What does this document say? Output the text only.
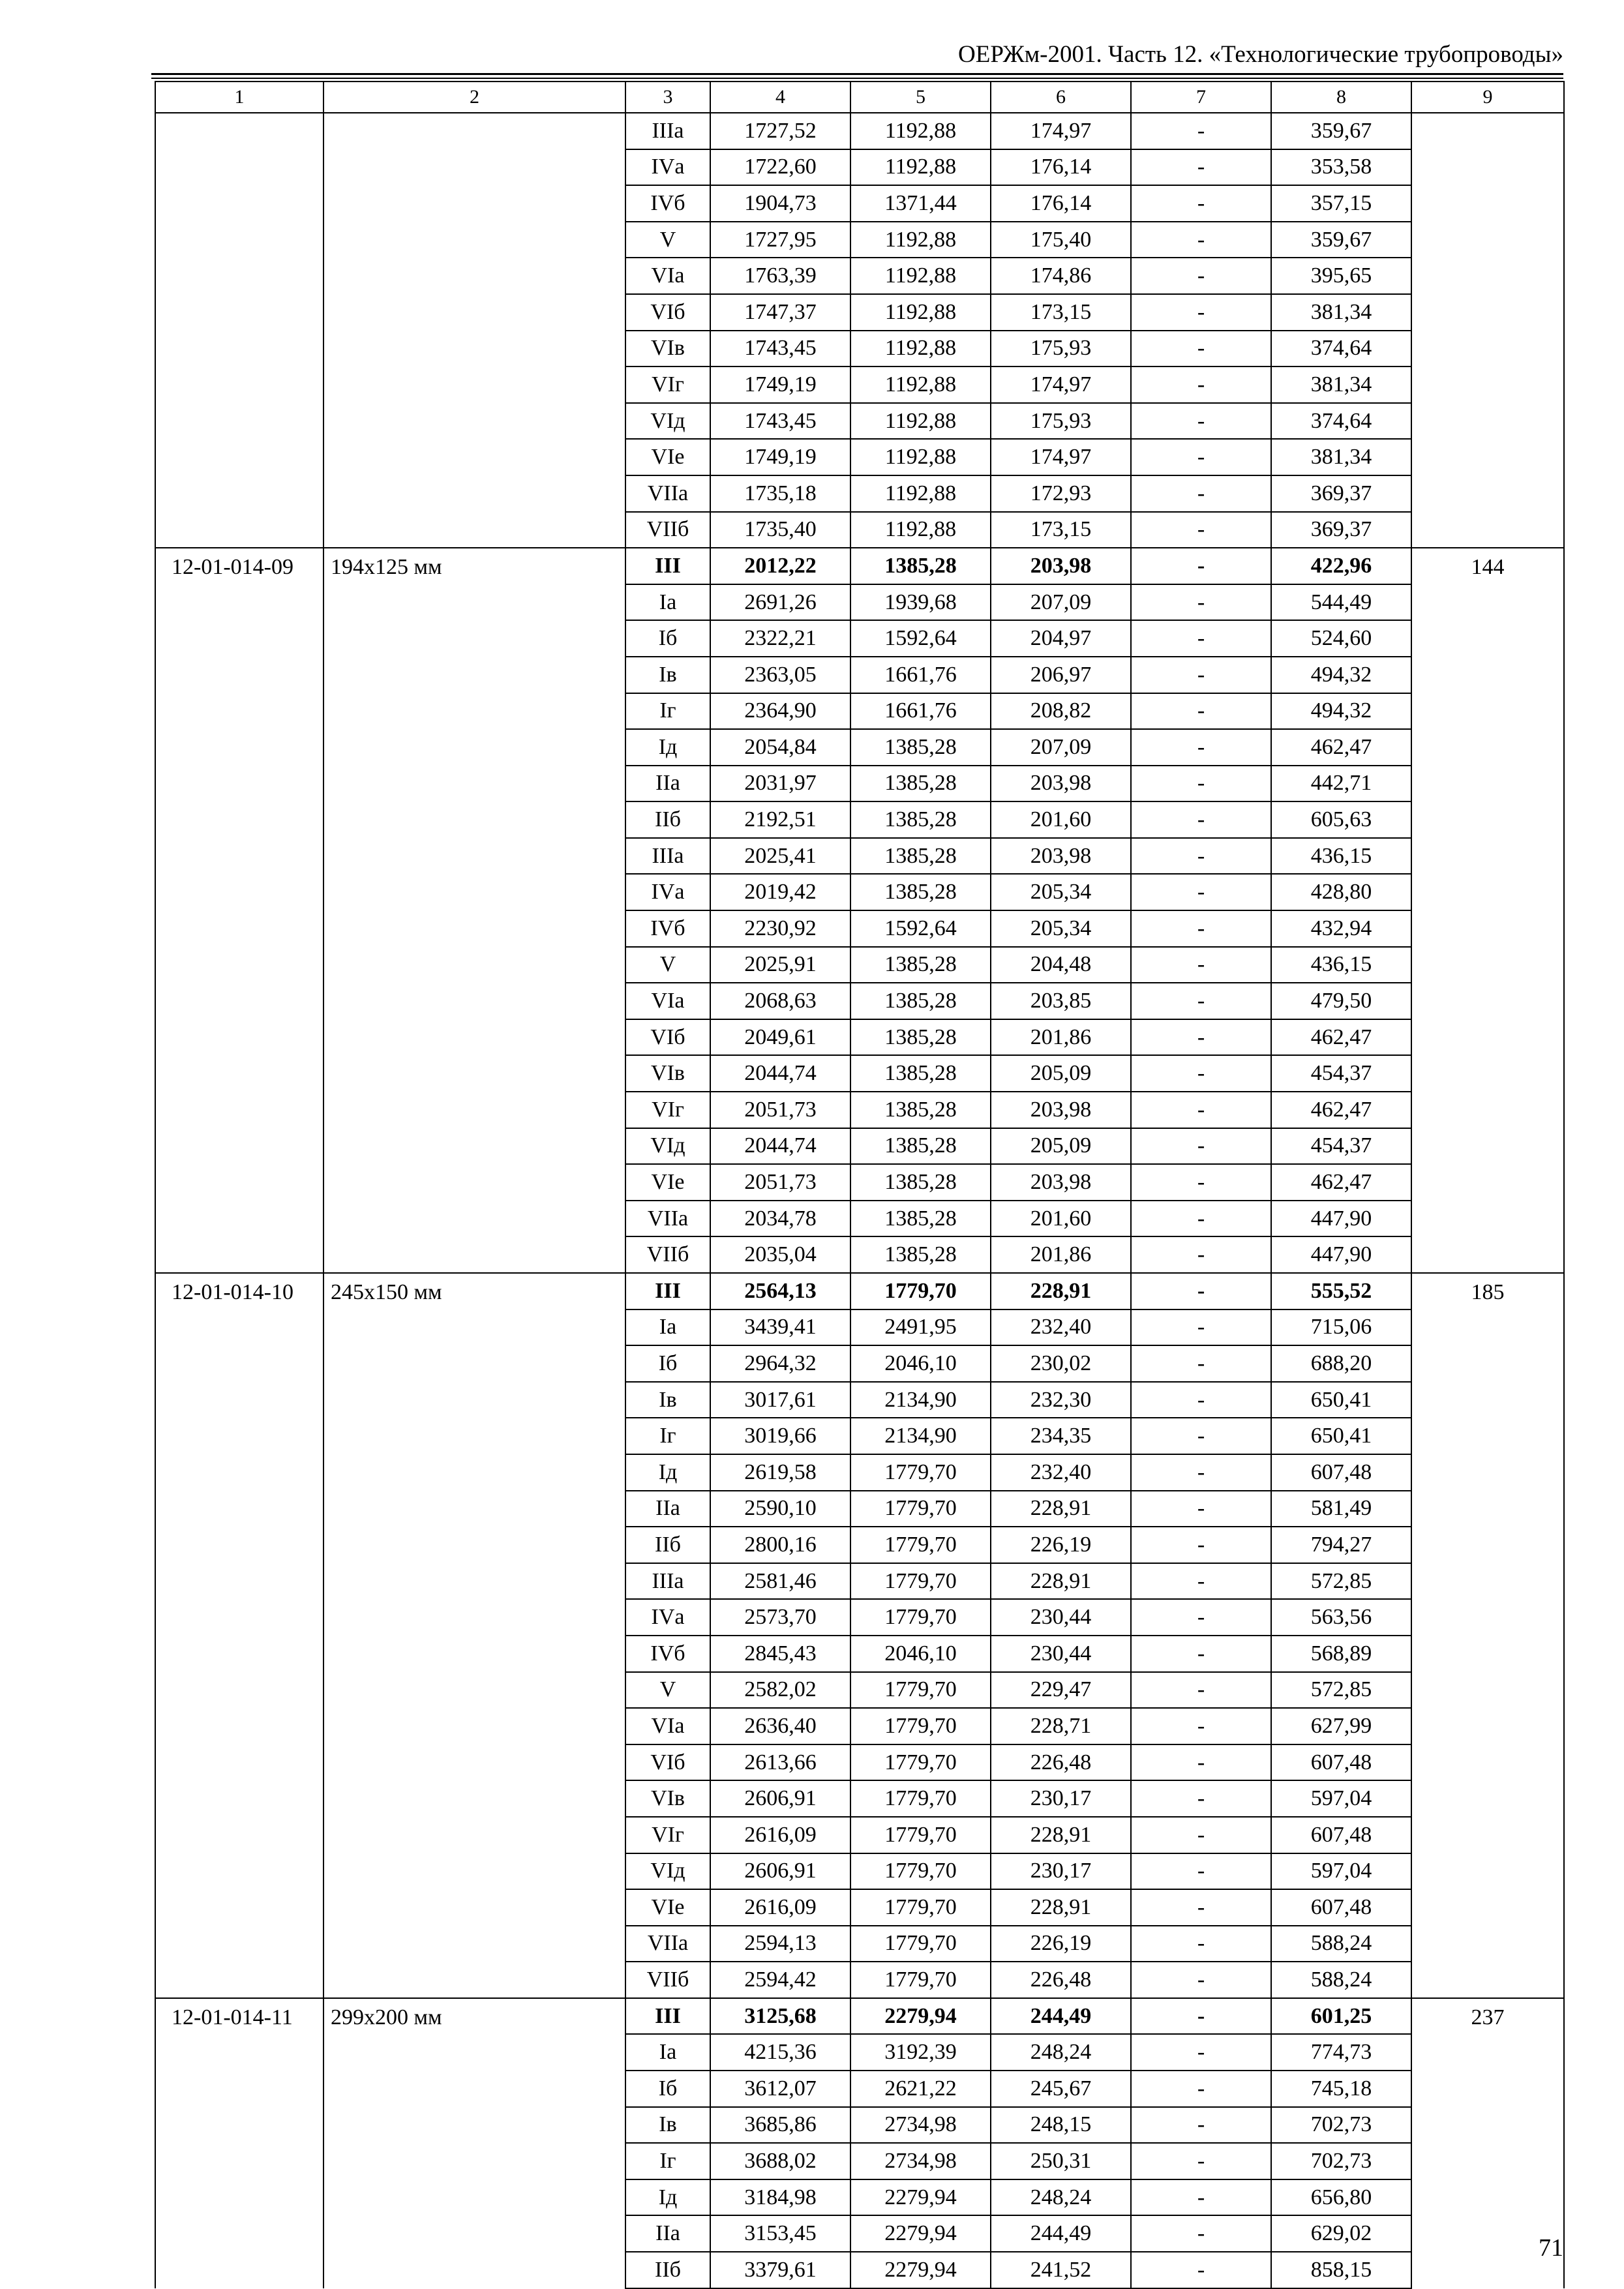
ОЕРЖм-2001. Часть 12. «Технологические трубопроводы»
1	2	3	4	5	6	7	8	9
		IIIа	1727,52	1192,88	174,97	-	359,67	
		IVа	1722,60	1192,88	176,14	-	353,58	
		IVб	1904,73	1371,44	176,14	-	357,15	
		V	1727,95	1192,88	175,40	-	359,67	
		VIа	1763,39	1192,88	174,86	-	395,65	
		VIб	1747,37	1192,88	173,15	-	381,34	
		VIв	1743,45	1192,88	175,93	-	374,64	
		VIг	1749,19	1192,88	174,97	-	381,34	
		VIд	1743,45	1192,88	175,93	-	374,64	
		VIе	1749,19	1192,88	174,97	-	381,34	
		VIIа	1735,18	1192,88	172,93	-	369,37	
		VIIб	1735,40	1192,88	173,15	-	369,37	
12-01-014-09	194х125 мм	III	2012,22	1385,28	203,98	-	422,96	144
		Iа	2691,26	1939,68	207,09	-	544,49	
		Iб	2322,21	1592,64	204,97	-	524,60	
		Iв	2363,05	1661,76	206,97	-	494,32	
		Iг	2364,90	1661,76	208,82	-	494,32	
		Iд	2054,84	1385,28	207,09	-	462,47	
		IIа	2031,97	1385,28	203,98	-	442,71	
		IIб	2192,51	1385,28	201,60	-	605,63	
		IIIа	2025,41	1385,28	203,98	-	436,15	
		IVа	2019,42	1385,28	205,34	-	428,80	
		IVб	2230,92	1592,64	205,34	-	432,94	
		V	2025,91	1385,28	204,48	-	436,15	
		VIа	2068,63	1385,28	203,85	-	479,50	
		VIб	2049,61	1385,28	201,86	-	462,47	
		VIв	2044,74	1385,28	205,09	-	454,37	
		VIг	2051,73	1385,28	203,98	-	462,47	
		VIд	2044,74	1385,28	205,09	-	454,37	
		VIе	2051,73	1385,28	203,98	-	462,47	
		VIIа	2034,78	1385,28	201,60	-	447,90	
		VIIб	2035,04	1385,28	201,86	-	447,90	
12-01-014-10	245х150 мм	III	2564,13	1779,70	228,91	-	555,52	185
		Iа	3439,41	2491,95	232,40	-	715,06	
		Iб	2964,32	2046,10	230,02	-	688,20	
		Iв	3017,61	2134,90	232,30	-	650,41	
		Iг	3019,66	2134,90	234,35	-	650,41	
		Iд	2619,58	1779,70	232,40	-	607,48	
		IIа	2590,10	1779,70	228,91	-	581,49	
		IIб	2800,16	1779,70	226,19	-	794,27	
		IIIа	2581,46	1779,70	228,91	-	572,85	
		IVа	2573,70	1779,70	230,44	-	563,56	
		IVб	2845,43	2046,10	230,44	-	568,89	
		V	2582,02	1779,70	229,47	-	572,85	
		VIа	2636,40	1779,70	228,71	-	627,99	
		VIб	2613,66	1779,70	226,48	-	607,48	
		VIв	2606,91	1779,70	230,17	-	597,04	
		VIг	2616,09	1779,70	228,91	-	607,48	
		VIд	2606,91	1779,70	230,17	-	597,04	
		VIе	2616,09	1779,70	228,91	-	607,48	
		VIIа	2594,13	1779,70	226,19	-	588,24	
		VIIб	2594,42	1779,70	226,48	-	588,24	
12-01-014-11	299х200 мм	III	3125,68	2279,94	244,49	-	601,25	237
		Iа	4215,36	3192,39	248,24	-	774,73	
		Iб	3612,07	2621,22	245,67	-	745,18	
		Iв	3685,86	2734,98	248,15	-	702,73	
		Iг	3688,02	2734,98	250,31	-	702,73	
		Iд	3184,98	2279,94	248,24	-	656,80	
		IIа	3153,45	2279,94	244,49	-	629,02	
		IIб	3379,61	2279,94	241,52	-	858,15	
71
